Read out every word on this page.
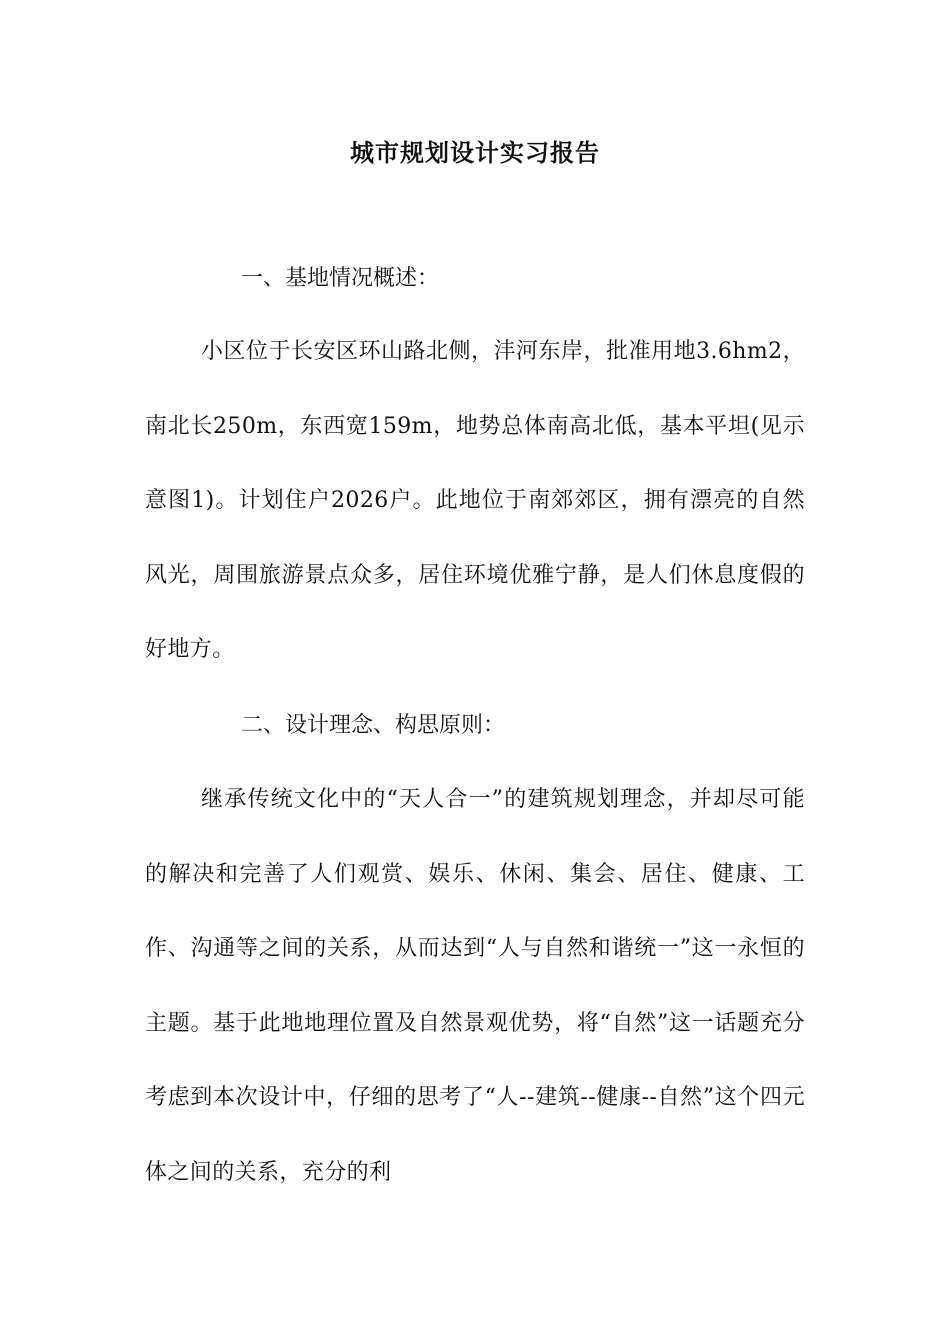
城市规划设计实习报告
一、基地情况概述：

小区位于长安区环山路北侧，沣河东岸，批准用地3.6hm2，南北长250m，东西宽159m，地势总体南高北低，基本平坦(见示意图1)。计划住户2026户。此地位于南郊郊区，拥有漂亮的自然风光，周围旅游景点众多，居住环境优雅宁静，是人们休息度假的好地方。

二、设计理念、构思原则：

继承传统文化中的“天人合一”的建筑规划理念，并却尽可能的解决和完善了人们观赏、娱乐、休闲、集会、居住、健康、工作、沟通等之间的关系，从而达到“人与自然和谐统一”这一永恒的主题。基于此地地理位置及自然景观优势，将“自然”这一话题充分考虑到本次设计中，仔细的思考了“人--建筑--健康--自然”这个四元体之间的关系，充分的利
